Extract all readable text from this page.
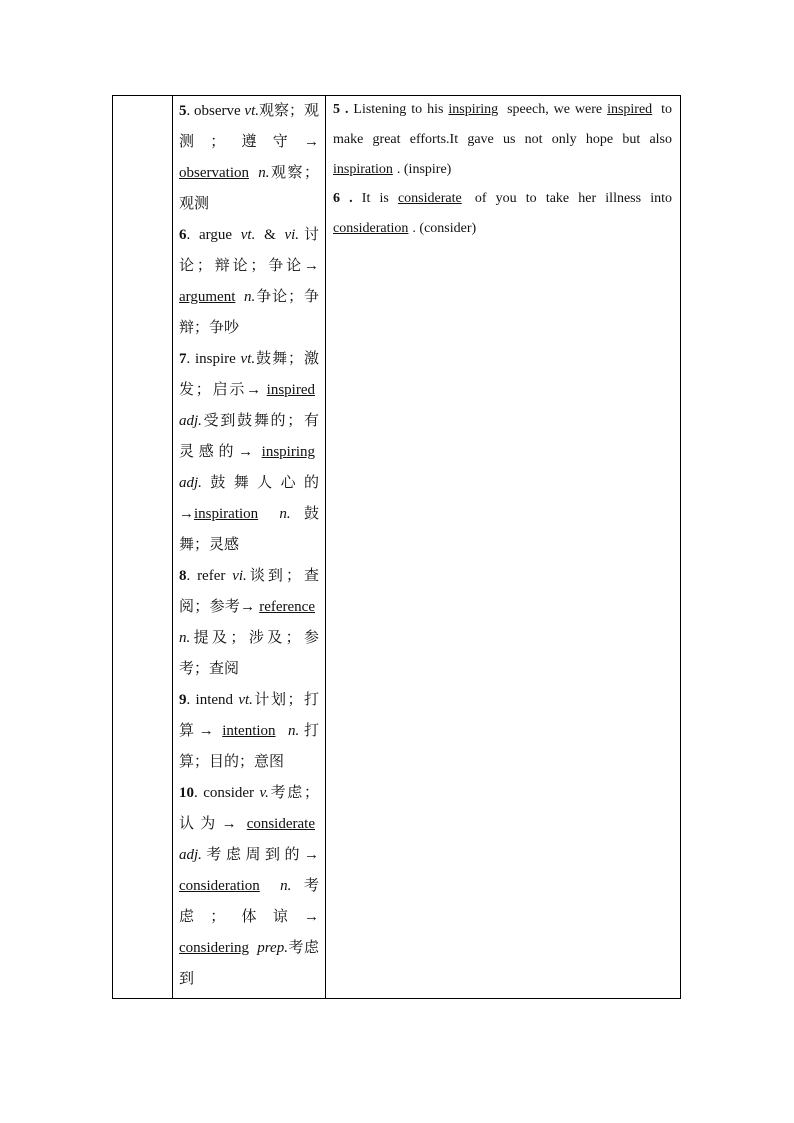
5. observe vt.观察；观测；遵守→ observation n.观察；观测
6. argue vt. & vi.讨论；辩论；争论→ argument n.争论；争辩；争吵
7. inspire vt.鼓舞；激发；启示→ inspired adj.受到鼓舞的；有灵感的→ inspiring adj.鼓舞人心的→inspiration n.鼓舞；灵感
8. refer vi.谈到；查阅；参考→ reference n.提及；涉及；参考；查阅
9. intend vt.计划；打算→ intention n.打算；目的；意图
10. consider v.考虑；认为→ considerate adj.考虑周到的→ consideration n.考虑；体谅→ considering prep.考虑到
5 . Listening to his inspiring speech, we were inspired to make great efforts.It gave us not only hope but also inspiration . (inspire)
6 . It is considerate of you to take her illness into consideration . (consider)
